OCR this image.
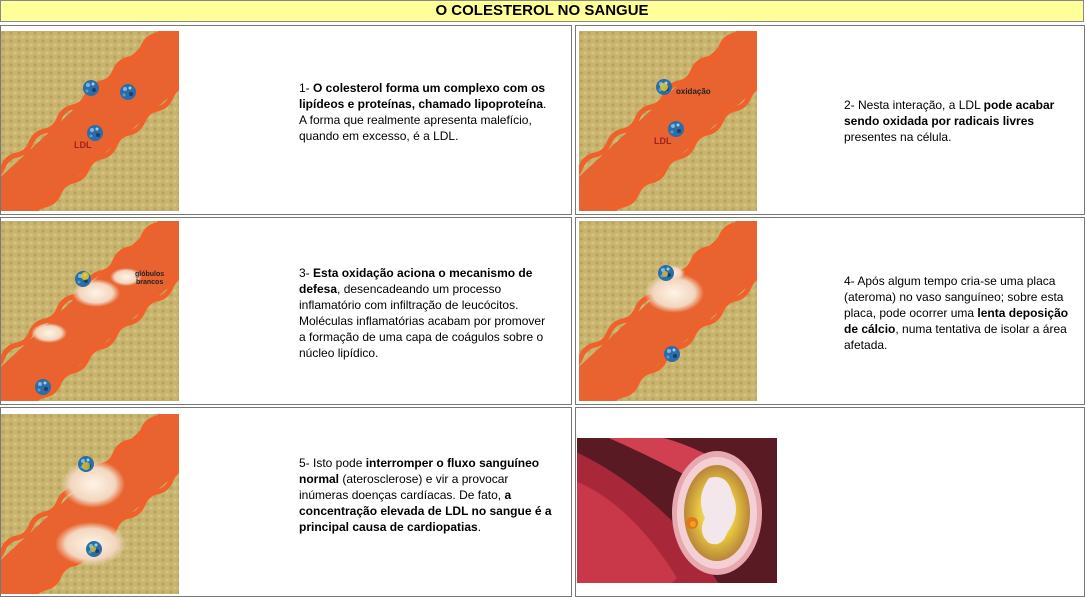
O COLESTEROL NO SANGUE
LDL
1- O colesterol forma um complexo com os lipídeos e proteínas, chamado lipoproteína. A forma que realmente apresenta malefício, quando em excesso, é a LDL.
oxidação
LDL
2- Nesta interação, a LDL pode acabar sendo oxidada por radicais livres presentes na célula.
glóbulos
brancos
3- Esta oxidação aciona o mecanismo de defesa, desencadeando um processo inflamatório com infiltração de leucócitos. Moléculas inflamatórias acabam por promover a formação de uma capa de coágulos sobre o núcleo lipídico.
4- Após algum tempo cria-se uma placa (ateroma) no vaso sanguíneo; sobre esta placa, pode ocorrer uma lenta deposição de cálcio, numa tentativa de isolar a área afetada.
5- Isto pode interromper o fluxo sanguíneo normal (aterosclerose) e vir a provocar inúmeras doenças cardíacas. De fato, a concentração elevada de LDL no sangue é a principal causa de cardiopatias.
